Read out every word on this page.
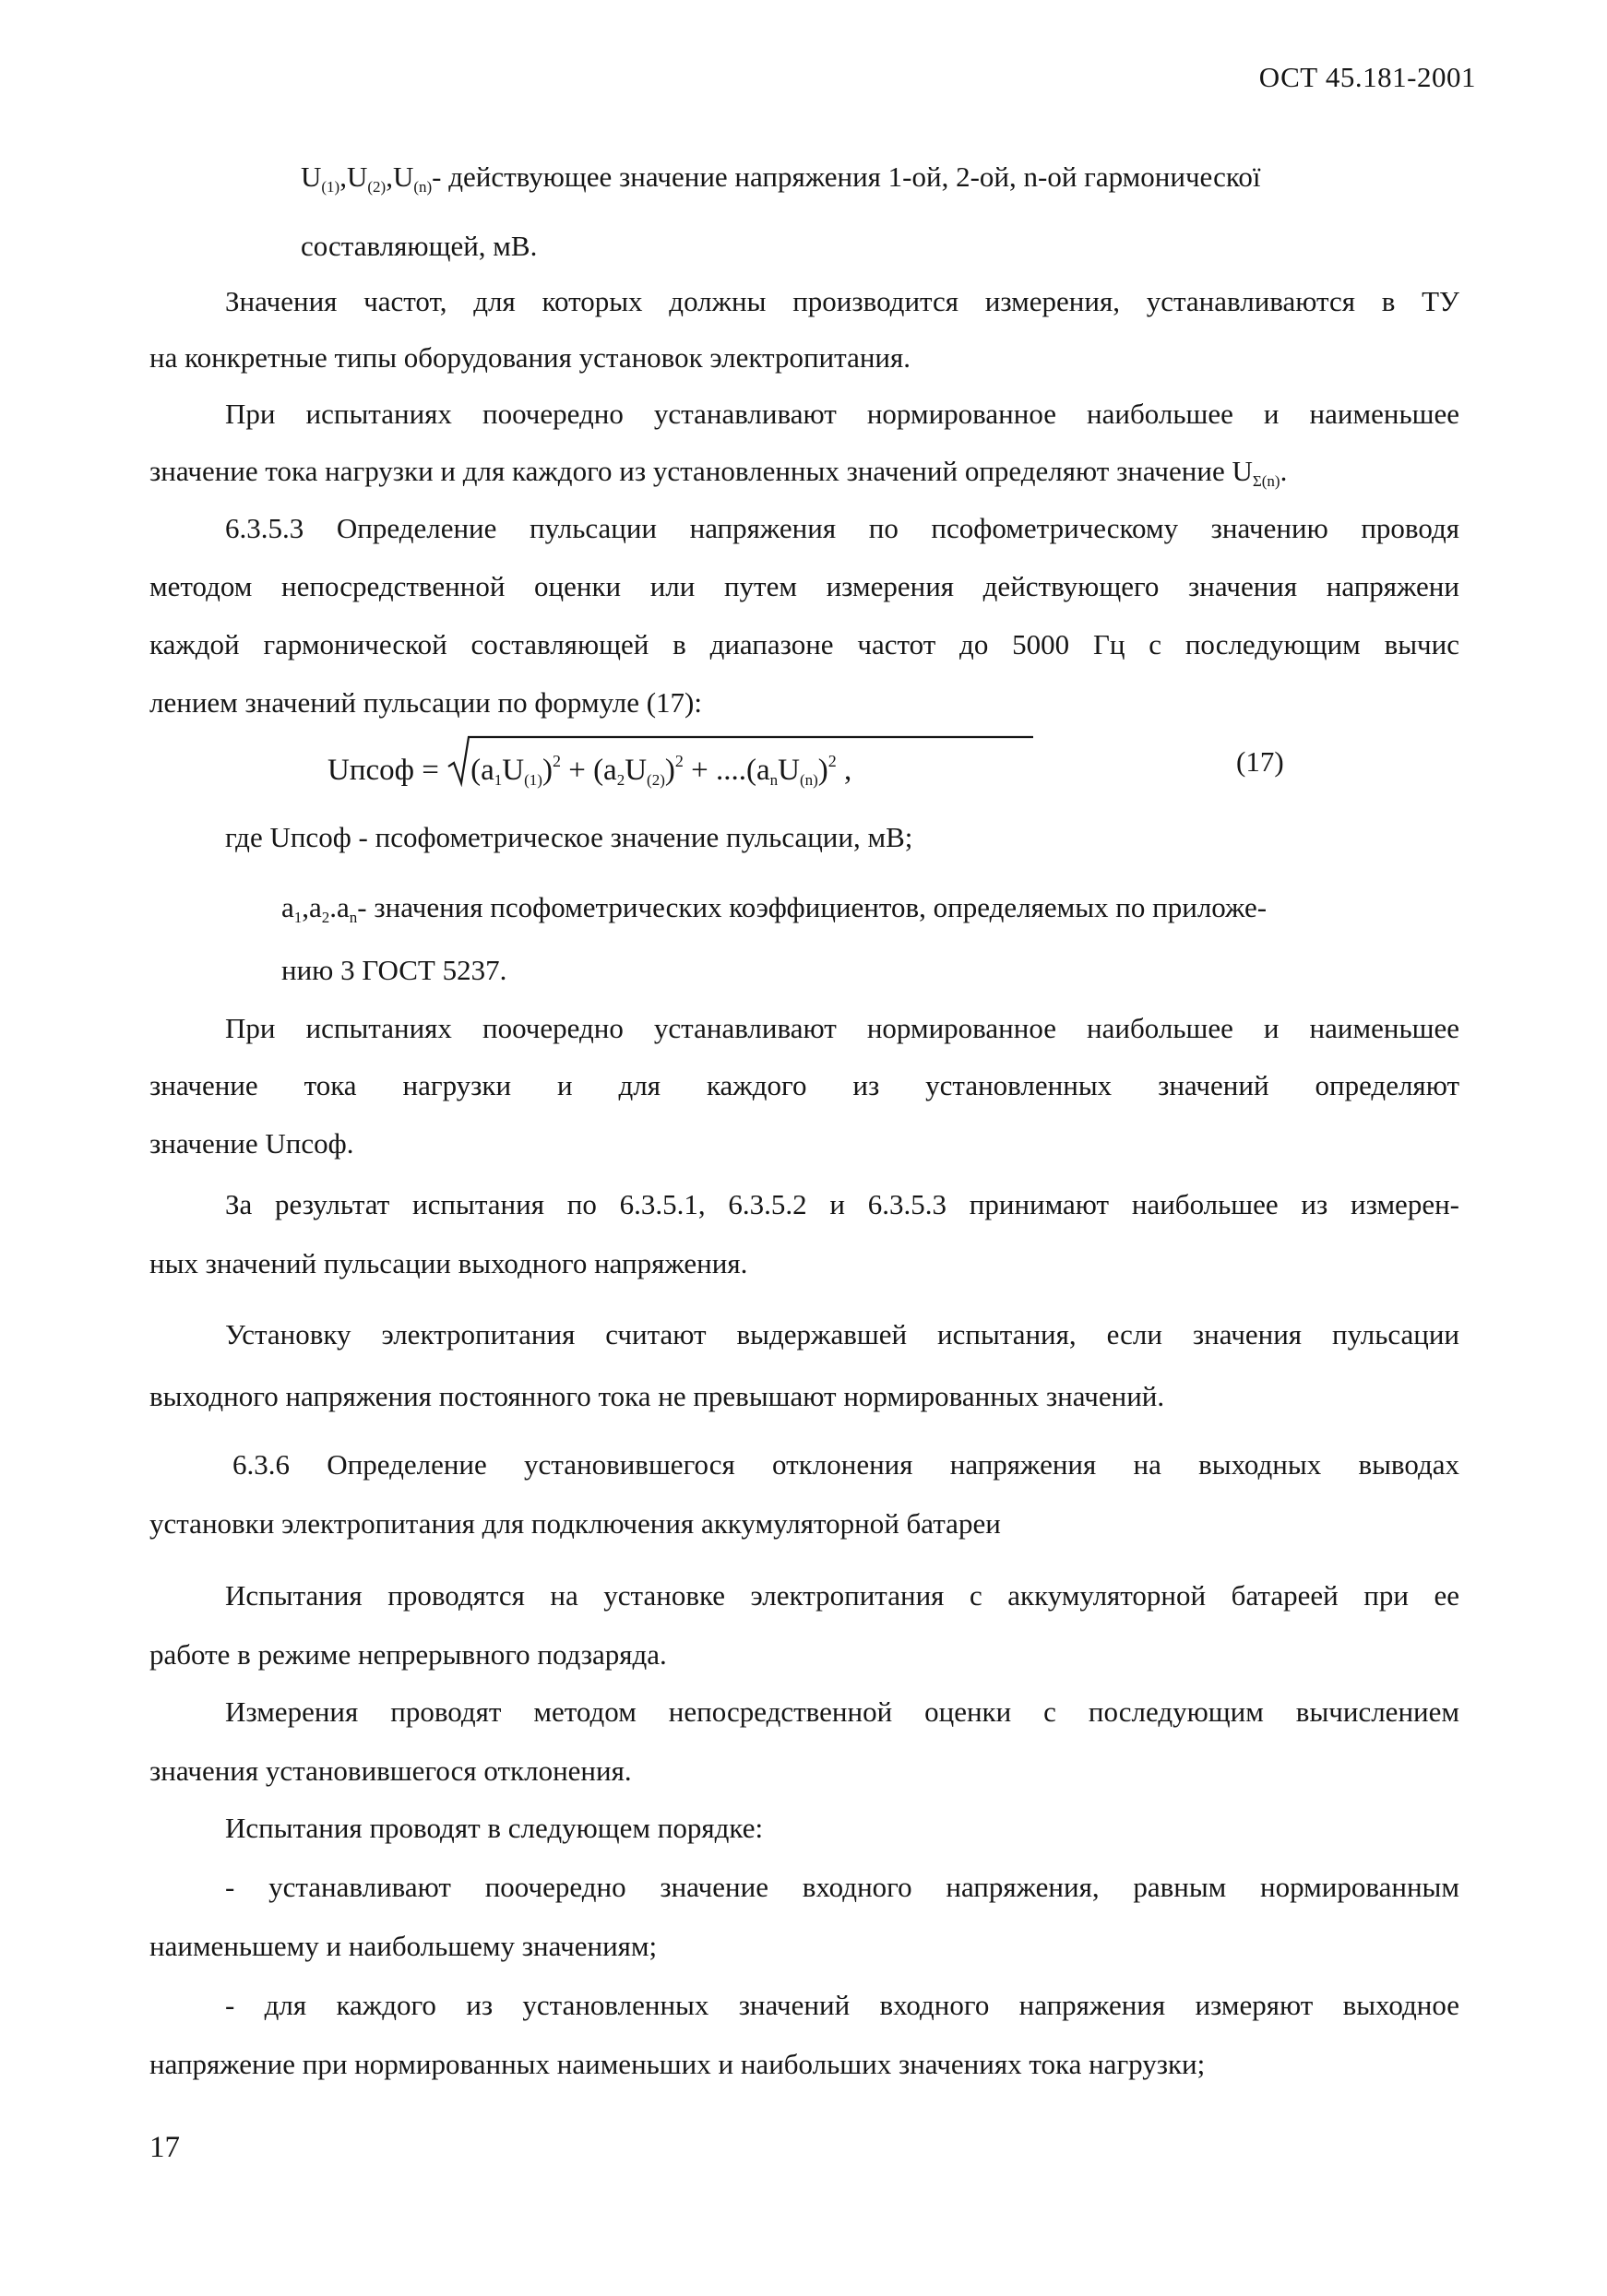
ОСТ 45.181-2001
$U_{(1)},U_{(2)},U_{(n)}-$ действующее значение напряжения 1-ой, 2-ой, n-ой гармоническої
составляющей, мВ.
Значения частот, для которых должны производится измерения, устанавливаются в ТУ
на конкретные типы оборудования установок электропитания.
При испытаниях поочередно устанавливают нормированное наибольшее и наименьшее
значение тока нагрузки и для каждого из установленных значений определяют значение $U_{\Sigma(n)}$.
6.3.5.3 Определение пульсации напряжения по псофометрическому значению проводя
методом непосредственной оценки или путем измерения действующего значения напряжени
каждой гармонической составляющей в диапазоне частот до 5000 Гц с последующим вычис
лением значений пульсации по формуле (17):
Uпсоф =
$(a_1U_{(1)})^2 + (a_2U_{(2)})^2 + ....(a_nU_{(n)})^2$ ,	(17)
где Uпсоф - псофометрическое значение пульсации, мВ;
$a_1,a_2.a_n-$ значения псофометрических коэффициентов, определяемых по приложе-
нию 3 ГОСТ 5237.
При испытаниях поочередно устанавливают нормированное наибольшее и наименьшее
значение тока нагрузки и для каждого из установленных значений определяют
значение Uпсоф.
За результат испытания по 6.3.5.1, 6.3.5.2 и 6.3.5.3 принимают наибольшее из измерен-
ных значений пульсации выходного напряжения.
Установку электропитания считают выдержавшей испытания, если значения пульсации
выходного напряжения постоянного тока не превышают нормированных значений.
6.3.6 Определение установившегося отклонения напряжения на выходных выводах
установки электропитания для подключения аккумуляторной батареи
Испытания проводятся на установке электропитания с аккумуляторной батареей при ее
работе в режиме непрерывного подзаряда.
Измерения проводят методом непосредственной оценки с последующим вычислением
значения установившегося отклонения.
Испытания проводят в следующем порядке:
- устанавливают поочередно значение входного напряжения, равным нормированным
наименьшему и наибольшему значениям;
- для каждого из установленных значений входного напряжения измеряют выходное
напряжение при нормированных наименьших и наибольших значениях тока нагрузки;
17
